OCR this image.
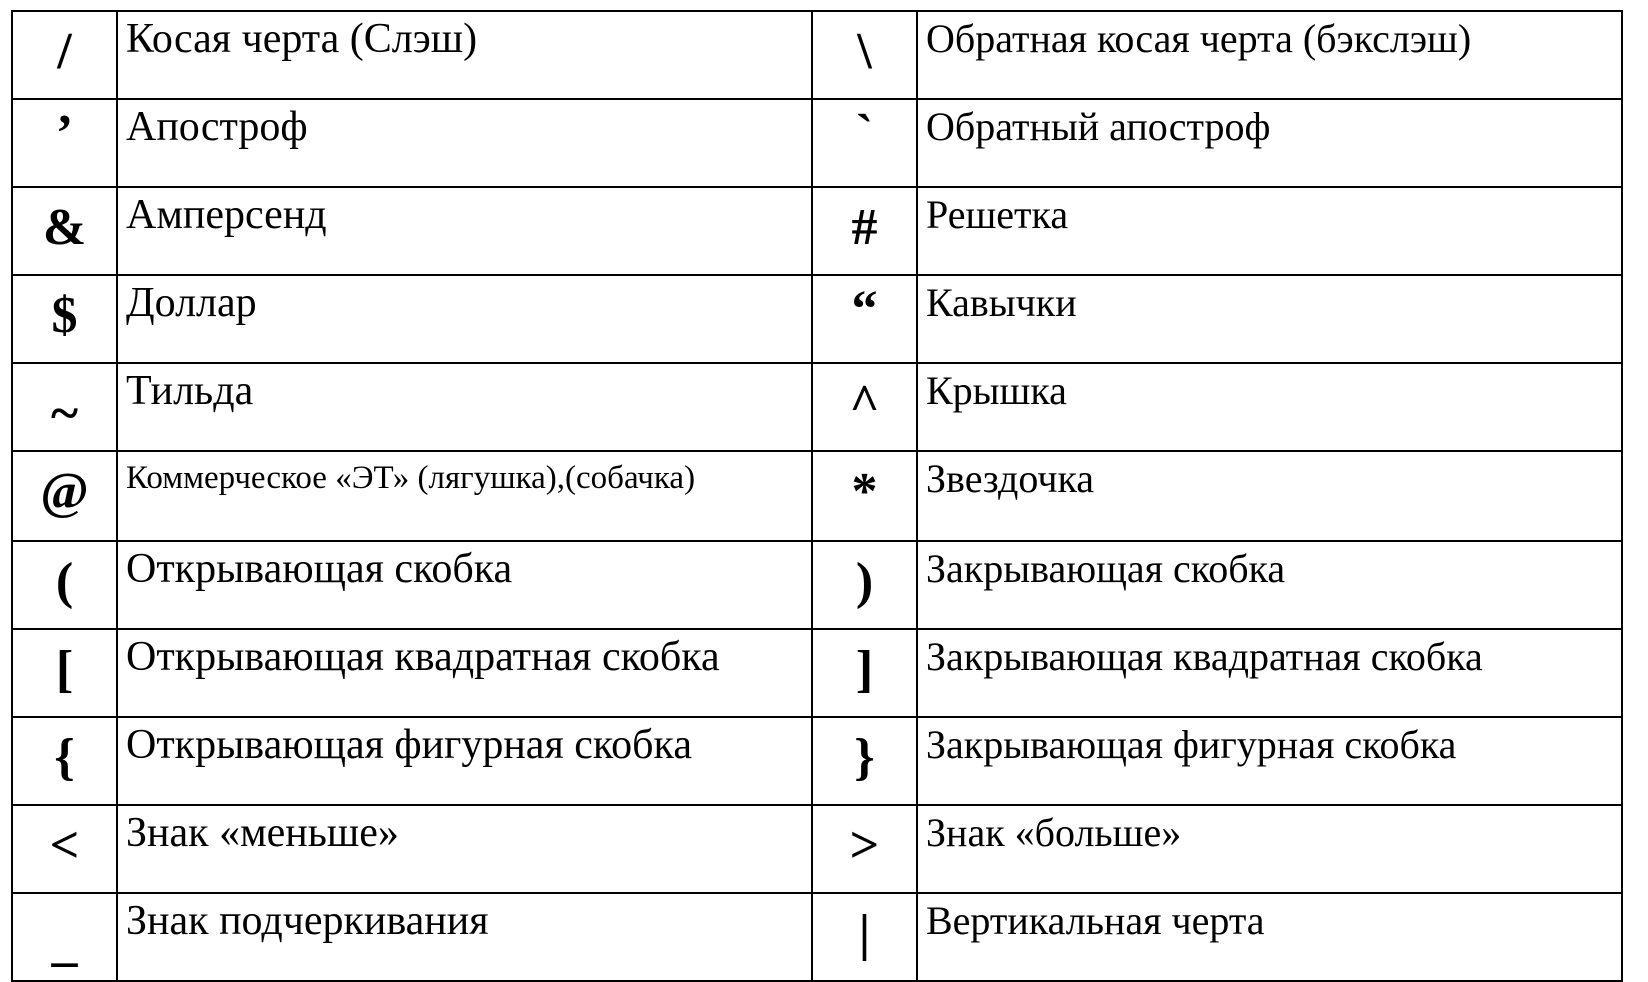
/	Косая черта (Слэш)	\	Обратная косая черта (бэкслэш)
’	Апостроф	`	Обратный апостроф
&	Амперсенд	#	Решетка
$	Доллар	“	Кавычки
~	Тильда	^	Крышка
@	Коммерческое «ЭТ» (лягушка),(собачка)	*	Звездочка
(	Открывающая скобка	)	Закрывающая скобка
[	Открывающая квадратная скобка	]	Закрывающая квадратная скобка
{	Открывающая фигурная скобка	}	Закрывающая фигурная скобка
<	Знак «меньше»	>	Знак «больше»
_	Знак подчеркивания	|	Вертикальная черта
